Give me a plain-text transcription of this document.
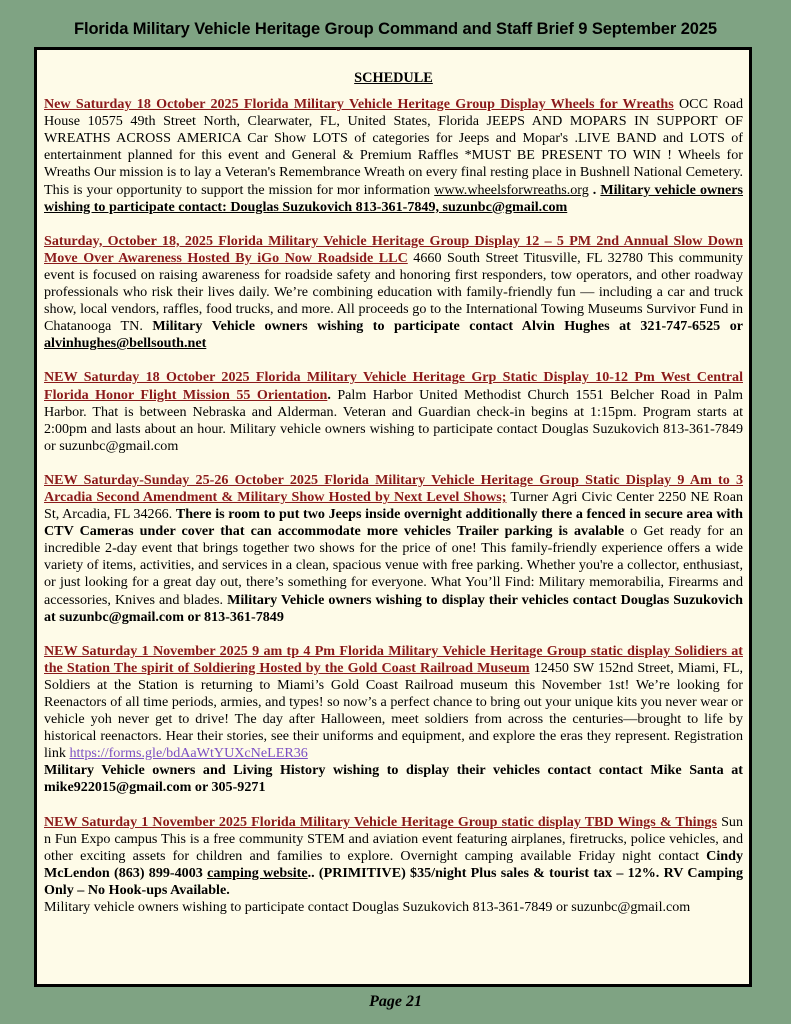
Florida Military Vehicle Heritage Group Command and Staff Brief 9 September 2025
SCHEDULE

New Saturday 18 October 2025 Florida Military Vehicle Heritage Group Display Wheels for Wreaths OCC Road House 10575 49th Street North, Clearwater, FL, United States, Florida JEEPS AND MOPARS IN SUPPORT OF WREATHS ACROSS AMERICA Car Show LOTS of categories for Jeeps and Mopar's .LIVE BAND and LOTS of entertainment planned for this event and General & Premium Raffles *MUST BE PRESENT TO WIN ! Wheels for Wreaths Our mission is to lay a Veteran's Remembrance Wreath on every final resting place in Bushnell National Cemetery. This is your opportunity to support the mission for mor information www.wheelsforwreaths.org . Military vehicle owners wishing to participate contact: Douglas Suzukovich 813-361-7849, suzunbc@gmail.com

Saturday, October 18, 2025 Florida Military Vehicle Heritage Group Display 12 – 5 PM 2nd Annual Slow Down Move Over Awareness Hosted By iGo Now Roadside LLC 4660 South Street Titusville, FL 32780 This community event is focused on raising awareness for roadside safety and honoring first responders, tow operators, and other roadway professionals who risk their lives daily. We’re combining education with family-friendly fun — including a car and truck show, local vendors, raffles, food trucks, and more. All proceeds go to the International Towing Museums Survivor Fund in Chatanooga TN. Military Vehicle owners wishing to participate contact Alvin Hughes at 321-747-6525 or alvinhughes@bellsouth.net

NEW Saturday 18 October 2025 Florida Military Vehicle Heritage Grp Static Display 10-12 Pm West Central Florida Honor Flight Mission 55 Orientation. Palm Harbor United Methodist Church 1551 Belcher Road in Palm Harbor. That is between Nebraska and Alderman. Veteran and Guardian check-in begins at 1:15pm. Program starts at 2:00pm and lasts about an hour. Military vehicle owners wishing to participate contact Douglas Suzukovich 813-361-7849 or suzunbc@gmail.com

NEW Saturday-Sunday 25-26 October 2025 Florida Military Vehicle Heritage Group Static Display 9 Am to 3 Arcadia Second Amendment & Military Show Hosted by Next Level Shows; Turner Agri Civic Center 2250 NE Roan St, Arcadia, FL 34266. There is room to put two Jeeps inside overnight additionally there a fenced in secure area with CTV Cameras under cover that can accommodate more vehicles Trailer parking is avalable o Get ready for an incredible 2-day event that brings together two shows for the price of one! This family-friendly experience offers a wide variety of items, activities, and services in a clean, spacious venue with free parking. Whether you're a collector, enthusiast, or just looking for a great day out, there’s something for everyone. What You’ll Find: Military memorabilia, Firearms and accessories, Knives and blades. Military Vehicle owners wishing to display their vehicles contact Douglas Suzukovich at suzunbc@gmail.com or 813-361-7849

NEW Saturday 1 November 2025 9 am tp 4 Pm Florida Military Vehicle Heritage Group static display Solidiers at the Station The spirit of Soldiering Hosted by the Gold Coast Railroad Museum 12450 SW 152nd Street, Miami, FL, Soldiers at the Station is returning to Miami’s Gold Coast Railroad museum this November 1st! We’re looking for Reenactors of all time periods, armies, and types! so now’s a perfect chance to bring out your unique kits you never wear or vehicle yoh never get to drive! The day after Halloween, meet soldiers from across the centuries—brought to life by historical reenactors. Hear their stories, see their uniforms and equipment, and explore the eras they represent. Registration link https://forms.gle/bdAaWtYUXcNeLER36
Military Vehicle owners and Living History wishing to display their vehicles contact contact Mike Santa at mike922015@gmail.com or 305-9271

NEW Saturday 1 November 2025 Florida Military Vehicle Heritage Group static display TBD Wings & Things Sun n Fun Expo campus This is a free community STEM and aviation event featuring airplanes, firetrucks, police vehicles, and other exciting assets for children and families to explore. Overnight camping available Friday night contact Cindy McLendon (863) 899-4003 camping website.. (PRIMITIVE) $35/night Plus sales & tourist tax – 12%. RV Camping Only – No Hook-ups Available.
Military vehicle owners wishing to participate contact Douglas Suzukovich 813-361-7849 or suzunbc@gmail.com

Page 21
